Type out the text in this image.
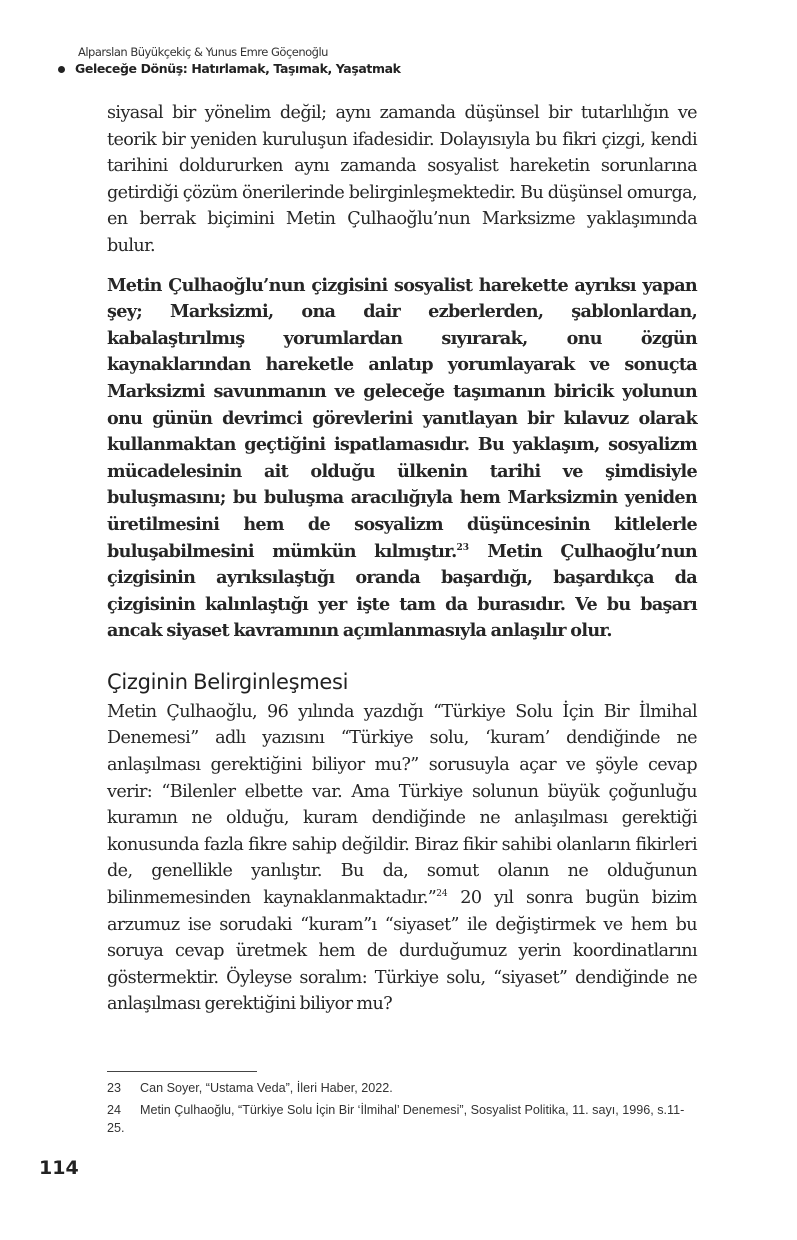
Alparslan Büyükçekiç & Yunus Emre Göçenoğlu
Geleceğe Dönüş: Hatırlamak, Taşımak, Yaşatmak

siyasal bir yönelim değil; aynı zamanda düşünsel bir tutarlılığın ve teorik bir yeniden kuruluşun ifadesidir. Dolayısıyla bu fikri çizgi, kendi tarihini doldururken aynı zamanda sosyalist hareketin sorunlarına getirdiği çözüm önerilerinde belirginleşmektedir. Bu düşünsel omurga, en berrak biçimini Metin Çulhaoğlu’nun Marksizme yaklaşımında bulur.

Metin Çulhaoğlu’nun çizgisini sosyalist harekette ayrıksı yapan şey; Marksizmi, ona dair ezberlerden, şablonlardan, kabalaştırılmış yorumlardan sıyırarak, onu özgün kaynaklarından hareketle anlatıp yorumlayarak ve sonuçta Marksizmi savunmanın ve geleceğe taşımanın biricik yolunun onu günün devrimci görevlerini yanıtlayan bir kılavuz olarak kullanmaktan geçtiğini ispatlamasıdır. Bu yaklaşım, sosyalizm mücadelesinin ait olduğu ülkenin tarihi ve şimdisiyle buluşmasını; bu buluşma aracılığıyla hem Marksizmin yeniden üretilmesini hem de sosyalizm düşüncesinin kitlelerle buluşabilmesini mümkün kılmıştır.$^{23}$ Metin Çulhaoğlu’nun çizgisinin ayrıksılaştığı oranda başardığı, başardıkça da çizgisinin kalınlaştığı yer işte tam da burasıdır. Ve bu başarı ancak siyaset kavramının açımlanmasıyla anlaşılır olur.

Çizginin Belirginleşmesi

Metin Çulhaoğlu, 96 yılında yazdığı “Türkiye Solu İçin Bir İlmihal Denemesi” adlı yazısını “Türkiye solu, ‘kuram’ dendiğinde ne anlaşılması gerektiğini biliyor mu?” sorusuyla açar ve şöyle cevap verir: “Bilenler elbette var. Ama Türkiye solunun büyük çoğunluğu kuramın ne olduğu, kuram dendiğinde ne anlaşılması gerektiği konusunda fazla fikre sahip değildir. Biraz fikir sahibi olanların fikirleri de, genellikle yanlıştır. Bu da, somut olanın ne olduğunun bilinmemesinden kaynaklanmaktadır.”$^{24}$ 20 yıl sonra bugün bizim arzumuz ise sorudaki “kuram”ı “siyaset” ile değiştirmek ve hem bu soruya cevap üretmek hem de durduğumuz yerin koordinatlarını göstermektir. Öyleyse soralım: Türkiye solu, “siyaset” dendiğinde ne anlaşılması gerektiğini biliyor mu?

23 Can Soyer, “Ustama Veda”, İleri Haber, 2022.
24 Metin Çulhaoğlu, “Türkiye Solu İçin Bir ‘İlmihal’ Denemesi”, Sosyalist Politika, 11. sayı, 1996, s.11-25.
114
